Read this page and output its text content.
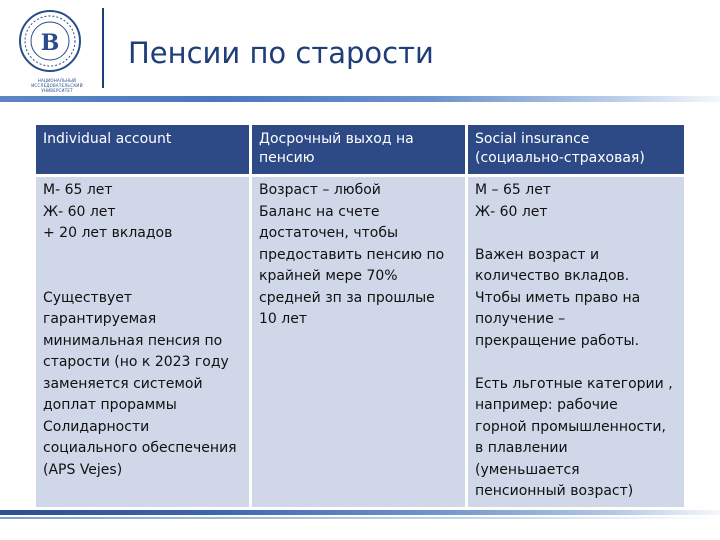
В
НАЦИОНАЛЬНЫЙ ИССЛЕДОВАТЕЛЬСКИЙ УНИВЕРСИТЕТ
Пенсии по старости
Individual account	Досрочный выход на
пенсию
Social insurance
(социально-страховая)
М- 65 лет
Ж- 60 лет
+ 20 лет вкладов
Существует
гарантируемая
минимальная пенсия по
старости (но к 2023 году
заменяется системой
доплат прораммы
Солидарности
социального обеспечения
(APS Vejes)
Возраст – любой
Баланс на счете
достаточен, чтобы
предоставить пенсию по
крайней мере 70%
средней зп за прошлые
10 лет
М – 65 лет
Ж- 60 лет
Важен возраст и
количество вкладов.
Чтобы иметь право на
получение –
прекращение работы.
Есть льготные категории ,
например: рабочие
горной промышленности,
в плавлении
(уменьшается
пенсионный возраст)
